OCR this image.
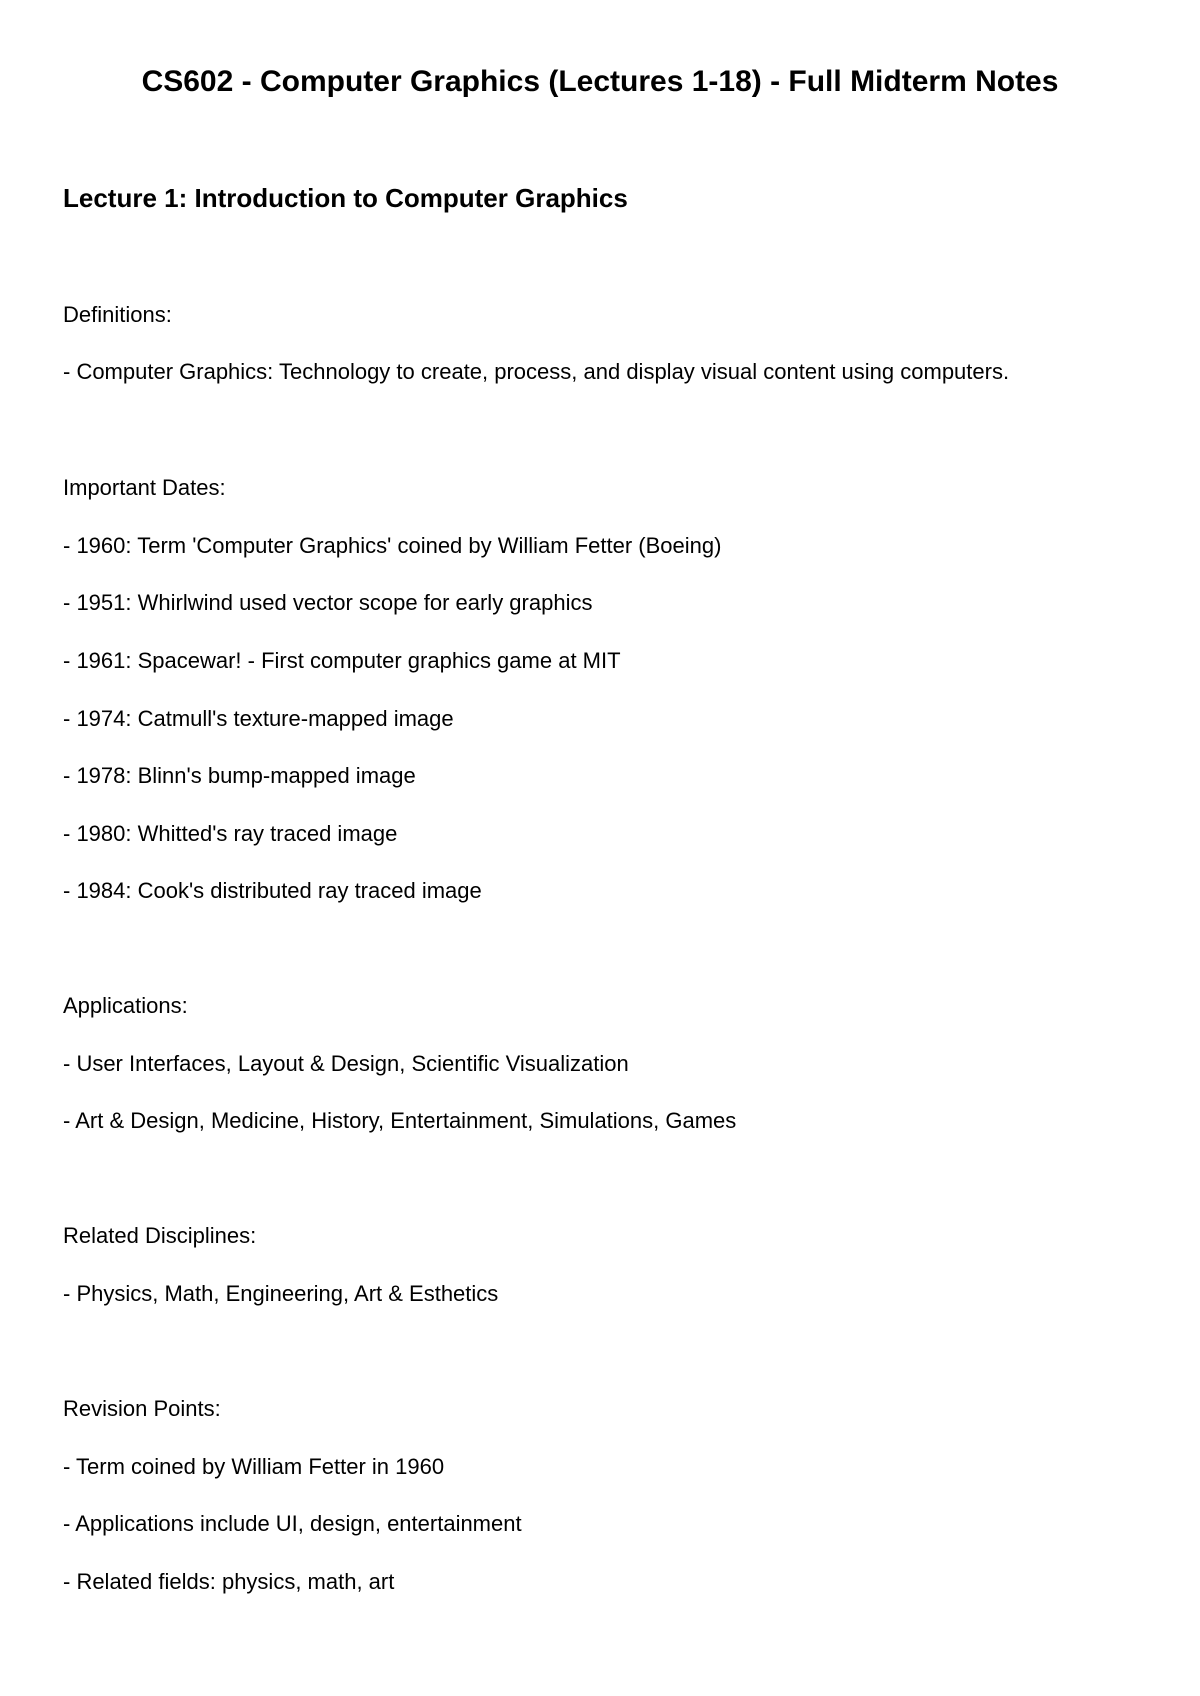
CS602 - Computer Graphics (Lectures 1-18) - Full Midterm Notes
Lecture 1: Introduction to Computer Graphics

Definitions:

- Computer Graphics: Technology to create, process, and display visual content using computers.

Important Dates:

- 1960: Term 'Computer Graphics' coined by William Fetter (Boeing)

- 1951: Whirlwind used vector scope for early graphics

- 1961: Spacewar! - First computer graphics game at MIT

- 1974: Catmull's texture-mapped image

- 1978: Blinn's bump-mapped image

- 1980: Whitted's ray traced image

- 1984: Cook's distributed ray traced image

Applications:

- User Interfaces, Layout & Design, Scientific Visualization

- Art & Design, Medicine, History, Entertainment, Simulations, Games

Related Disciplines:

- Physics, Math, Engineering, Art & Esthetics

Revision Points:

- Term coined by William Fetter in 1960

- Applications include UI, design, entertainment

- Related fields: physics, math, art
